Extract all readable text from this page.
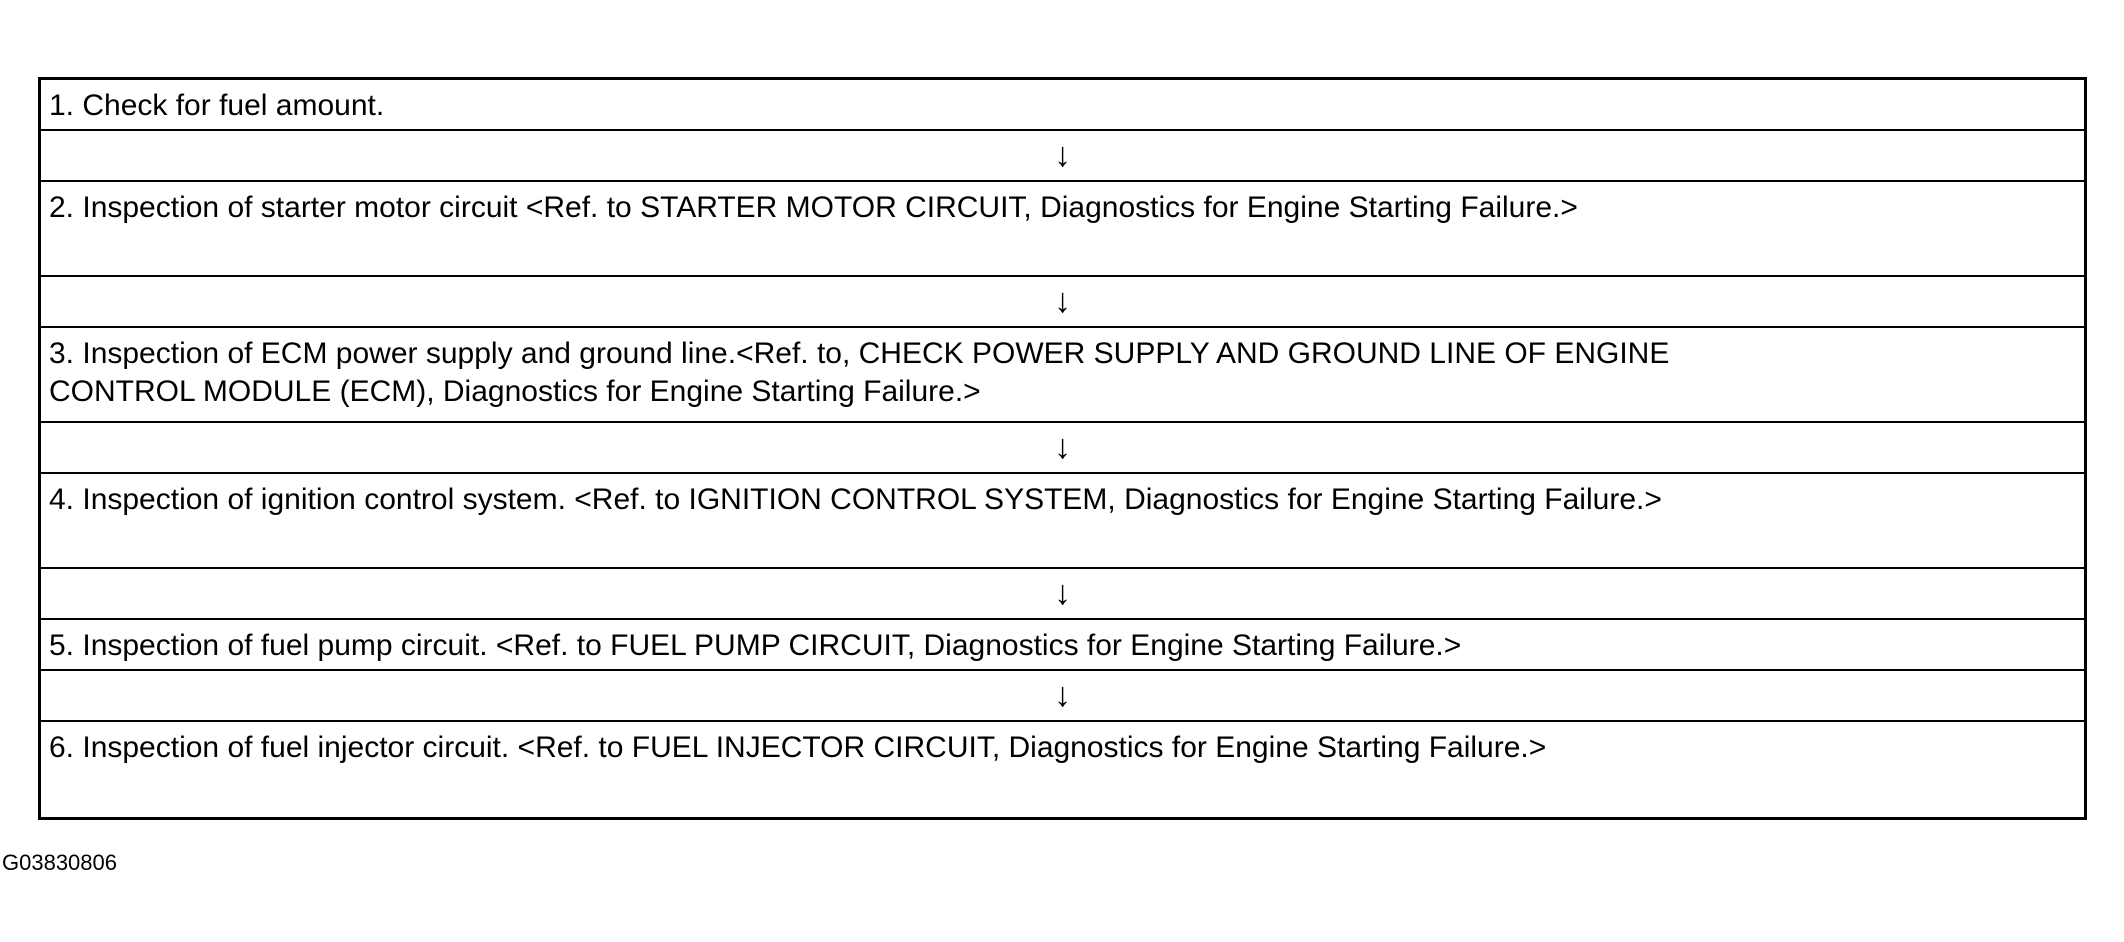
1. Check for fuel amount.
↓
2. Inspection of starter motor circuit <Ref. to STARTER MOTOR CIRCUIT, Diagnostics for Engine Starting Failure.>
↓
3. Inspection of ECM power supply and ground line.<Ref. to, CHECK POWER SUPPLY AND GROUND LINE OF ENGINE
CONTROL MODULE (ECM), Diagnostics for Engine Starting Failure.>
↓
4. Inspection of ignition control system. <Ref. to IGNITION CONTROL SYSTEM, Diagnostics for Engine Starting Failure.>
↓
5. Inspection of fuel pump circuit. <Ref. to FUEL PUMP CIRCUIT, Diagnostics for Engine Starting Failure.>
↓
6. Inspection of fuel injector circuit. <Ref. to FUEL INJECTOR CIRCUIT, Diagnostics for Engine Starting Failure.>
G03830806
